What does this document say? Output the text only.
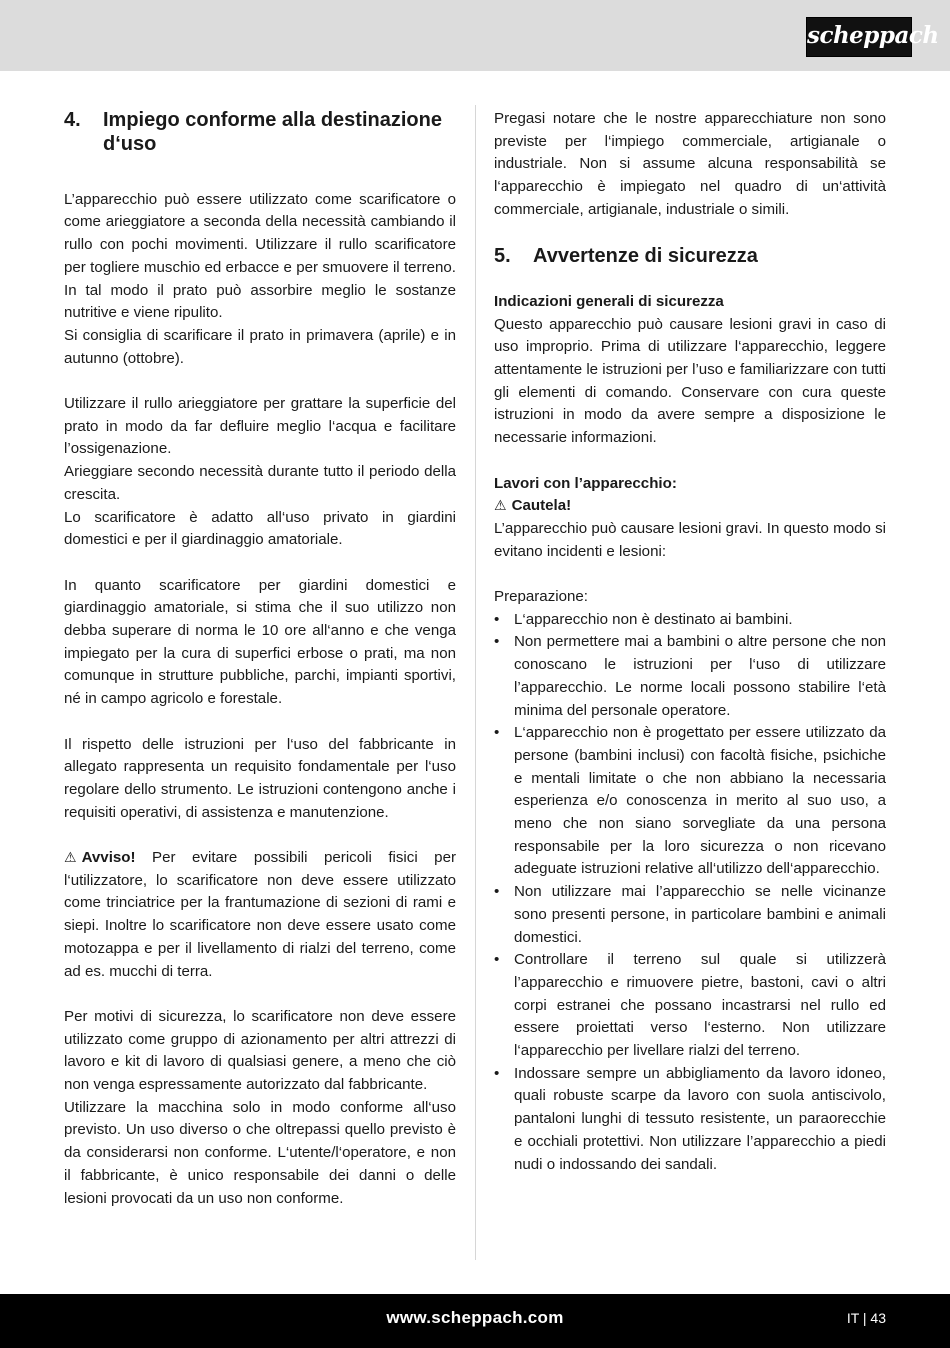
scheppach
4.	Impiego conforme alla destinazione d‘uso

L’apparecchio può essere utilizzato come scarificatore o come arieggiatore a seconda della necessità cambiando il rullo con pochi movimenti. Utilizzare il rullo scarificatore per togliere muschio ed erbacce e per smuovere il terreno. In tal modo il prato può assorbire meglio le sostanze nutritive e viene ripulito.

Si consiglia di scarificare il prato in primavera (aprile) e in autunno (ottobre).

Utilizzare il rullo arieggiatore per grattare la superficie del prato in modo da far defluire meglio l‘acqua e facilitare l’ossigenazione.

Arieggiare secondo necessità durante tutto il periodo della crescita.

Lo scarificatore è adatto all‘uso privato in giardini domestici e per il giardinaggio amatoriale.

In quanto scarificatore per giardini domestici e giardinaggio amatoriale, si stima che il suo utilizzo non debba superare di norma le 10 ore all‘anno e che venga impiegato per la cura di superfici erbose o prati, ma non comunque in strutture pubbliche, parchi, impianti sportivi, né in campo agricolo e forestale.

Il rispetto delle istruzioni per l‘uso del fabbricante in allegato rappresenta un requisito fondamentale per l‘uso regolare dello strumento. Le istruzioni contengono anche i requisiti operativi, di assistenza e manutenzione.

⚠ Avviso! Per evitare possibili pericoli fisici per l‘utilizzatore, lo scarificatore non deve essere utilizzato come trinciatrice per la frantumazione di sezioni di rami e siepi. Inoltre lo scarificatore non deve essere usato come motozappa e per il livellamento di rialzi del terreno, come ad es. mucchi di terra.

Per motivi di sicurezza, lo scarificatore non deve essere utilizzato come gruppo di azionamento per altri attrezzi di lavoro e kit di lavoro di qualsiasi genere, a meno che ciò non venga espressamente autorizzato dal fabbricante.

Utilizzare la macchina solo in modo conforme all‘uso previsto. Un uso diverso o che oltrepassi quello previsto è da considerarsi non conforme. L‘utente/l‘operatore, e non il fabbricante, è unico responsabile dei danni o delle lesioni provocati da un uso non conforme.

Pregasi notare che le nostre apparecchiature non sono previste per l‘impiego commerciale, artigianale o industriale. Non si assume alcuna responsabilità se l‘apparecchio è impiegato nel quadro di un‘attività commerciale, artigianale, industriale o simili.

5.	Avvertenze di sicurezza

Indicazioni generali di sicurezza

Questo apparecchio può causare lesioni gravi in caso di uso improprio. Prima di utilizzare l‘apparecchio, leggere attentamente le istruzioni per l’uso e familiarizzare con tutti gli elementi di comando. Conservare con cura queste istruzioni in modo da avere sempre a disposizione le necessarie informazioni.

Lavori con l’apparecchio:

⚠ Cautela!

L’apparecchio può causare lesioni gravi. In questo modo si evitano incidenti e lesioni:

Preparazione:

• L‘apparecchio non è destinato ai bambini.
• Non permettere mai a bambini o altre persone che non conoscano le istruzioni per l‘uso di utilizzare l’apparecchio. Le norme locali possono stabilire l‘età minima del personale operatore.
• L‘apparecchio non è progettato per essere utilizzato da persone (bambini inclusi) con facoltà fisiche, psichiche e mentali limitate o che non abbiano la necessaria esperienza e/o conoscenza in merito al suo uso, a meno che non siano sorvegliate da una persona responsabile per la loro sicurezza o non ricevano adeguate istruzioni relative all‘utilizzo dell‘apparecchio.
• Non utilizzare mai l’apparecchio se nelle vicinanze sono presenti persone, in particolare bambini e animali domestici.
• Controllare il terreno sul quale si utilizzerà l’apparecchio e rimuovere pietre, bastoni, cavi o altri corpi estranei che possano incastrarsi nel rullo ed essere proiettati verso l‘esterno. Non utilizzare l‘apparecchio per livellare rialzi del terreno.
• Indossare sempre un abbigliamento da lavoro idoneo, quali robuste scarpe da lavoro con suola antiscivolo, pantaloni lunghi di tessuto resistente, un paraorecchie e occhiali protettivi. Non utilizzare l’apparecchio a piedi nudi o indossando dei sandali.
www.scheppach.com	IT | 43
